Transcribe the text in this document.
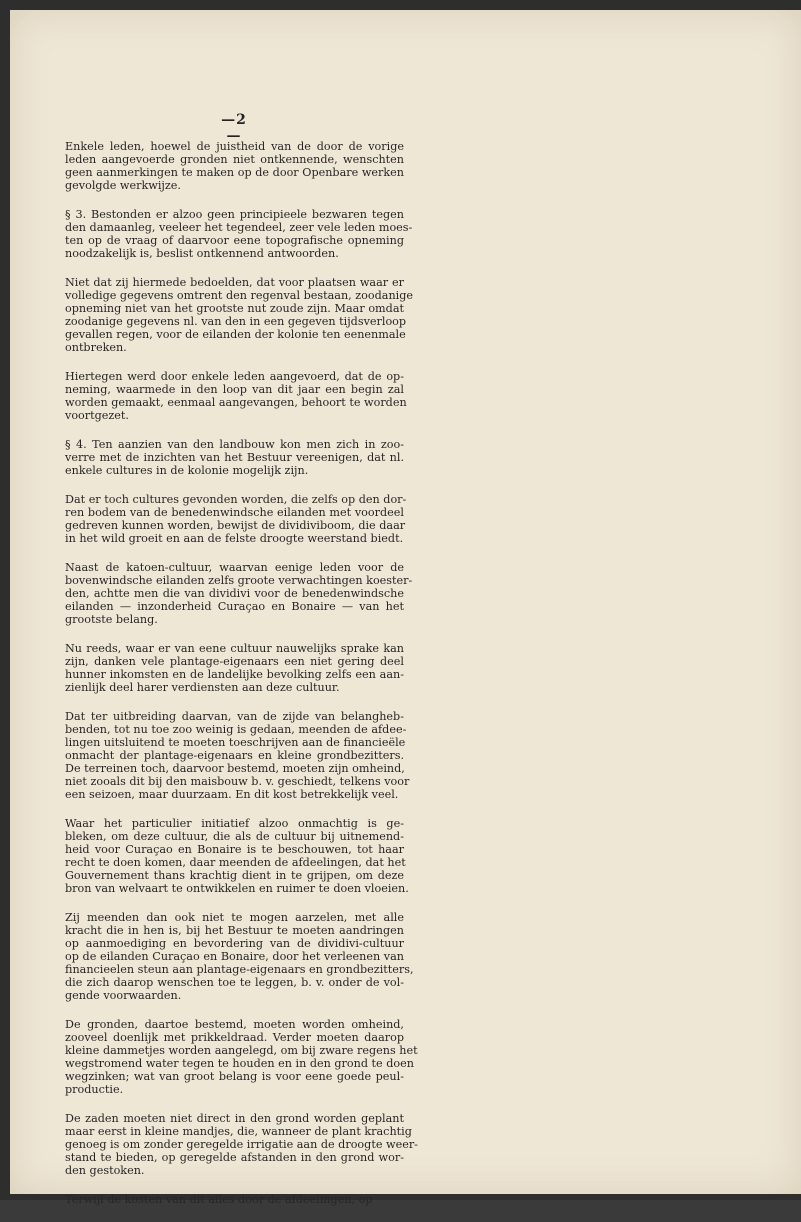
—2—

Enkele leden, hoewel de juistheid van de door de vorige
leden aangevoerde gronden niet ontkennende, wenschten
geen aanmerkingen te maken op de door Openbare werken
gevolgde werkwijze.

§ 3. Bestonden er alzoo geen principieele bezwaren tegen
den damaanleg, veeleer het tegendeel, zeer vele leden moes-
ten op de vraag of daarvoor eene topografische opneming
noodzakelijk is, beslist ontkennend antwoorden.

Niet dat zij hiermede bedoelden, dat voor plaatsen waar er
volledige gegevens omtrent den regenval bestaan, zoodanige
opneming niet van het grootste nut zoude zijn. Maar omdat
zoodanige gegevens nl. van den in een gegeven tijdsverloop
gevallen regen, voor de eilanden der kolonie ten eenenmale
ontbreken.

Hiertegen werd door enkele leden aangevoerd, dat de op-
neming, waarmede in den loop van dit jaar een begin zal
worden gemaakt, eenmaal aangevangen, behoort te worden
voortgezet.

§ 4. Ten aanzien van den landbouw kon men zich in zoo-
verre met de inzichten van het Bestuur vereenigen, dat nl.
enkele cultures in de kolonie mogelijk zijn.

Dat er toch cultures gevonden worden, die zelfs op den dor-
ren bodem van de benedenwindsche eilanden met voordeel
gedreven kunnen worden, bewijst de dividiviboom, die daar
in het wild groeit en aan de felste droogte weerstand biedt.

Naast de katoen-cultuur, waarvan eenige leden voor de
bovenwindsche eilanden zelfs groote verwachtingen koester-
den, achtte men die van dividivi voor de benedenwindsche
eilanden — inzonderheid Curaçao en Bonaire — van het
grootste belang.

Nu reeds, waar er van eene cultuur nauwelijks sprake kan
zijn, danken vele plantage-eigenaars een niet gering deel
hunner inkomsten en de landelijke bevolking zelfs een aan-
zienlijk deel harer verdiensten aan deze cultuur.

Dat ter uitbreiding daarvan, van de zijde van belangheb-
benden, tot nu toe zoo weinig is gedaan, meenden de afdee-
lingen uitsluitend te moeten toeschrijven aan de financieële
onmacht der plantage-eigenaars en kleine grondbezitters.
De terreinen toch, daarvoor bestemd, moeten zijn omheind,
niet zooals dit bij den maisbouw b. v. geschiedt, telkens voor
een seizoen, maar duurzaam. En dit kost betrekkelijk veel.

Waar het particulier initiatief alzoo onmachtig is ge-
bleken, om deze cultuur, die als de cultuur bij uitnemend-
heid voor Curaçao en Bonaire is te beschouwen, tot haar
recht te doen komen, daar meenden de afdeelingen, dat het
Gouvernement thans krachtig dient in te grijpen, om deze
bron van welvaart te ontwikkelen en ruimer te doen vloeien.

Zij meenden dan ook niet te mogen aarzelen, met alle
kracht die in hen is, bij het Bestuur te moeten aandringen
op aanmoediging en bevordering van de dividivi-cultuur
op de eilanden Curaçao en Bonaire, door het verleenen van
financieelen steun aan plantage-eigenaars en grondbezitters,
die zich daarop wenschen toe te leggen, b. v. onder de vol-
gende voorwaarden.

De gronden, daartoe bestemd, moeten worden omheind,
zooveel doenlijk met prikkeldraad. Verder moeten daarop
kleine dammetjes worden aangelegd, om bij zware regens het
wegstromend water tegen te houden en in den grond te doen
wegzinken; wat van groot belang is voor eene goede peul-
productie.

De zaden moeten niet direct in den grond worden geplant
maar eerst in kleine mandjes, die, wanneer de plant krachtig
genoeg is om zonder geregelde irrigatie aan de droogte weer-
stand te bieden, op geregelde afstanden in den grond wor-
den gestoken.

Terwijl de kosten van dit alles door de afdeelingen, op
